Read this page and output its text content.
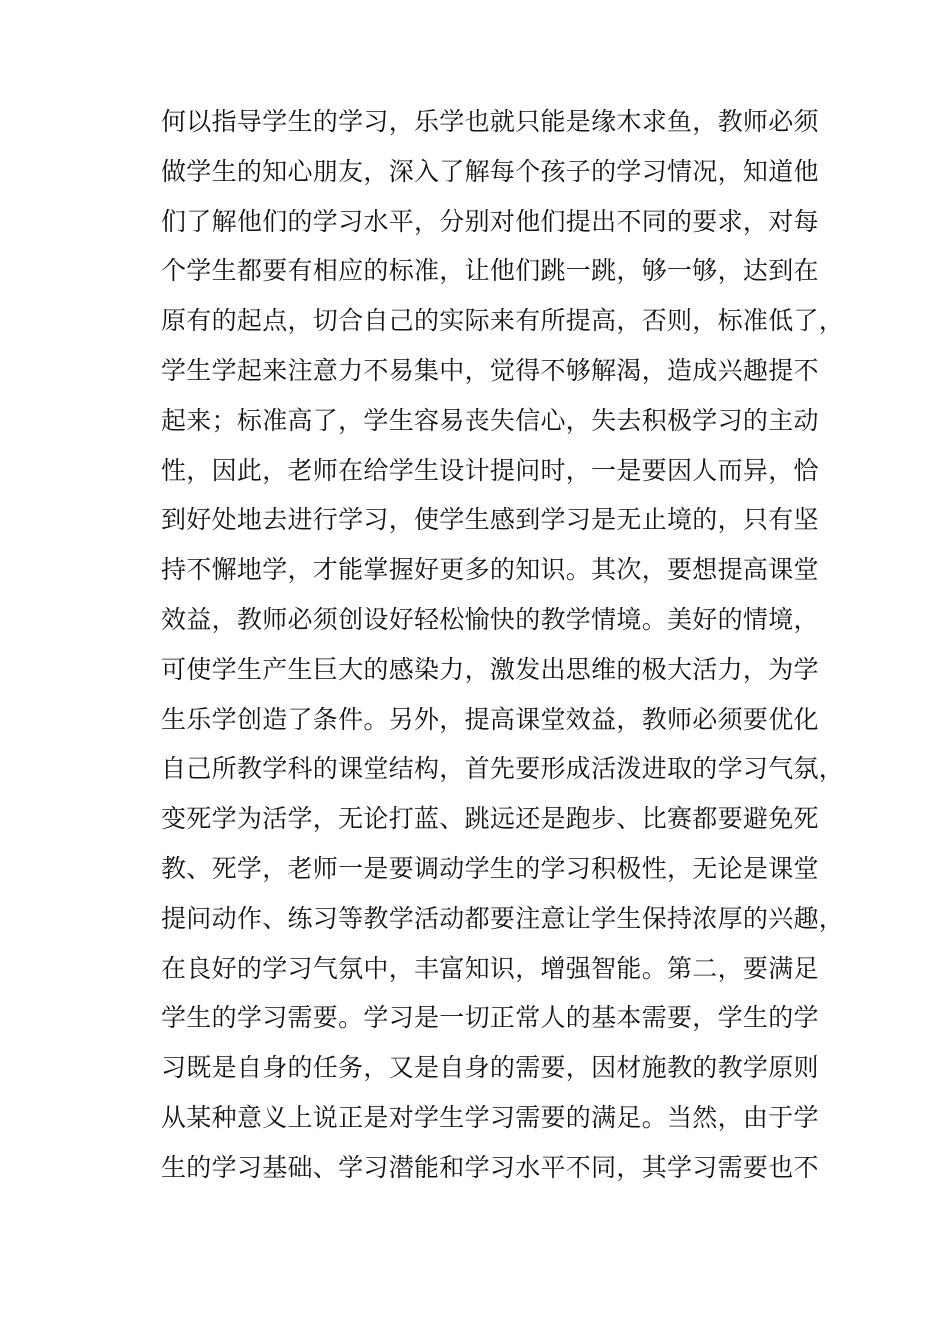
何以指导学生的学习，乐学也就只能是缘木求鱼，教师必须
做学生的知心朋友，深入了解每个孩子的学习情况，知道他
们了解他们的学习水平，分别对他们提出不同的要求，对每
个学生都要有相应的标准，让他们跳一跳，够一够，达到在
原有的起点，切合自己的实际来有所提高，否则，标准低了，
学生学起来注意力不易集中，觉得不够解渴，造成兴趣提不
起来；标准高了，学生容易丧失信心，失去积极学习的主动
性，因此，老师在给学生设计提问时，一是要因人而异，恰
到好处地去进行学习，使学生感到学习是无止境的，只有坚
持不懈地学，才能掌握好更多的知识。其次，要想提高课堂
效益，教师必须创设好轻松愉快的教学情境。美好的情境，
可使学生产生巨大的感染力，激发出思维的极大活力，为学
生乐学创造了条件。另外，提高课堂效益，教师必须要优化
自己所教学科的课堂结构，首先要形成活泼进取的学习气氛，
变死学为活学，无论打蓝、跳远还是跑步、比赛都要避免死
教、死学，老师一是要调动学生的学习积极性，无论是课堂
提问动作、练习等教学活动都要注意让学生保持浓厚的兴趣，
在良好的学习气氛中，丰富知识，增强智能。第二，要满足
学生的学习需要。学习是一切正常人的基本需要，学生的学
习既是自身的任务，又是自身的需要，因材施教的教学原则
从某种意义上说正是对学生学习需要的满足。当然，由于学
生的学习基础、学习潜能和学习水平不同，其学习需要也不
